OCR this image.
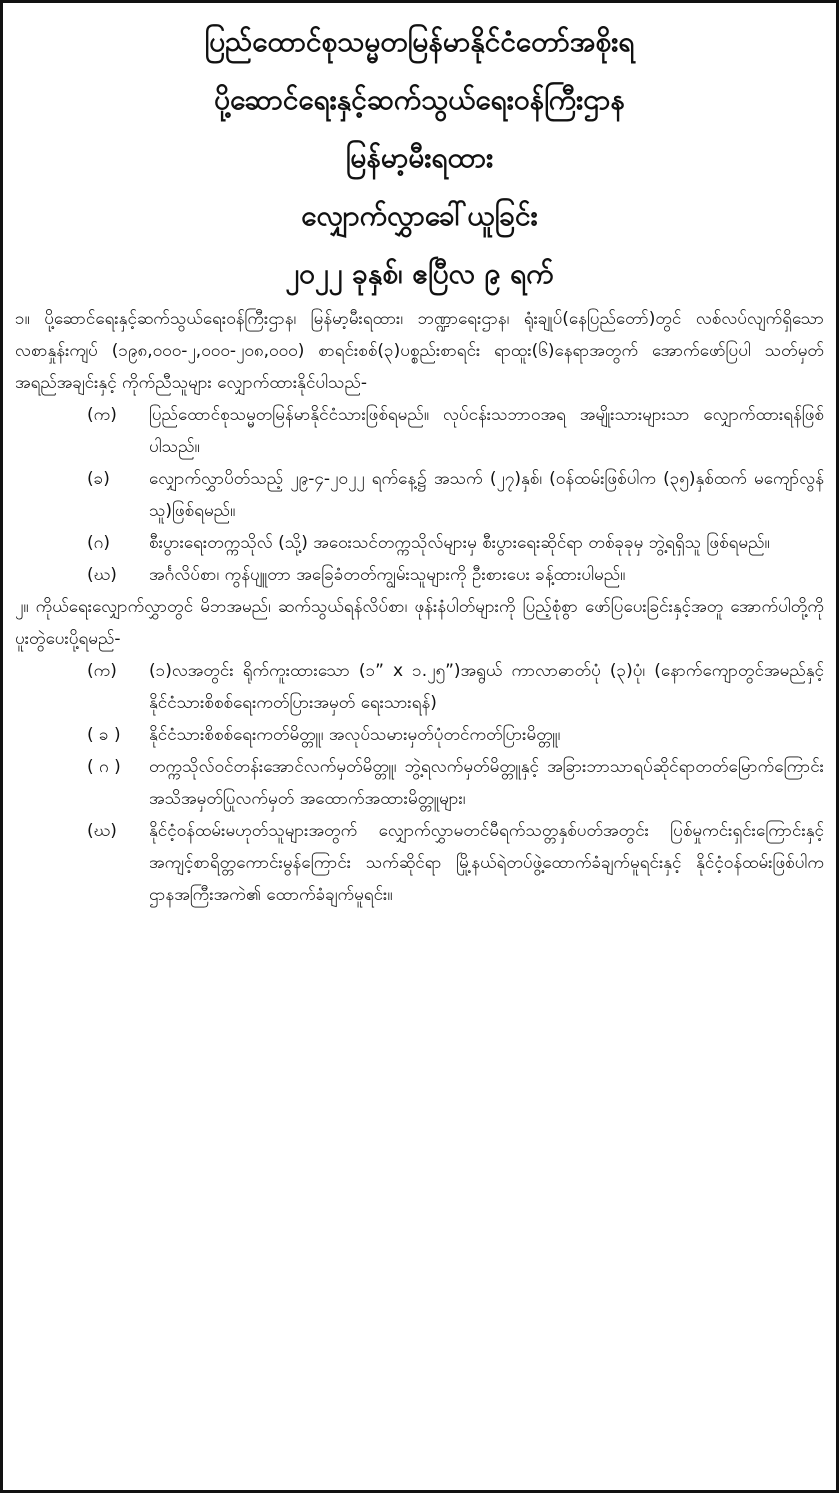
ပြည်ထောင်စုသမ္မတမြန်မာနိုင်ငံတော်အစိုးရ
ပို့ဆောင်ရေးနှင့်ဆက်သွယ်ရေးဝန်ကြီးဌာန
မြန်မာ့မီးရထား
လျှောက်လွှာခေါ်ယူခြင်း
၂၀၂၂ ခုနှစ်၊ ဧပြီလ ၉ ရက်

၁။ ပို့ဆောင်ရေးနှင့်ဆက်သွယ်ရေးဝန်ကြီးဌာန၊ မြန်မာ့မီးရထား၊ ဘဏ္ဍာရေးဌာန၊ ရုံးချုပ်(နေပြည်တော်)တွင် လစ်လပ်လျက်ရှိသော လစာနှုန်းကျပ် (၁၉၈,၀၀၀-၂,၀၀၀-၂၀၈,၀၀၀) စာရင်းစစ်(၃)ပစ္စည်းစာရင်း ရာထူး(၆)နေရာအတွက် အောက်ဖော်ပြပါ သတ်မှတ်အရည်အချင်းနှင့် ကိုက်ညီသူများ လျှောက်ထားနိုင်ပါသည်-

(က)	ပြည်ထောင်စုသမ္မတမြန်မာနိုင်ငံသားဖြစ်ရမည်။ လုပ်ငန်းသဘာဝအရ အမျိုးသားများသာ လျှောက်ထားရန်ဖြစ်ပါသည်။
(ခ)	လျှောက်လွှာပိတ်သည့် ၂၉-၄-၂၀၂၂ ရက်နေ့၌ အသက် (၂၇)နှစ်၊ (ဝန်ထမ်းဖြစ်ပါက (၃၅)နှစ်ထက် မကျော်လွန်သူ)ဖြစ်ရမည်။
(ဂ)	စီးပွားရေးတက္ကသိုလ် (သို့) အဝေးသင်တက္ကသိုလ်များမှ စီးပွားရေးဆိုင်ရာ တစ်ခုခုမှ ဘွဲ့ရရှိသူ ဖြစ်ရမည်။
(ဃ)	အင်္ဂလိပ်စာ၊ ကွန်ပျူတာ အခြေခံတတ်ကျွမ်းသူများကို ဦးစားပေး ခန့်ထားပါမည်။

၂။ ကိုယ်ရေးလျှောက်လွှာတွင် မိဘအမည်၊ ဆက်သွယ်ရန်လိပ်စာ၊ ဖုန်းနံပါတ်များကို ပြည့်စုံစွာ ဖော်ပြပေးခြင်းနှင့်အတူ အောက်ပါတို့ကို ပူးတွဲပေးပို့ရမည်-

(က)	(၁)လအတွင်း ရိုက်ကူးထားသော (၁” x ၁.၂၅”)အရွယ် ကာလာဓာတ်ပုံ (၃)ပုံ၊ (နောက်ကျောတွင်အမည်နှင့် နိုင်ငံသားစိစစ်ရေးကတ်ပြားအမှတ် ရေးသားရန်)
( ခ )	နိုင်ငံသားစိစစ်ရေးကတ်မိတ္တူ၊ အလုပ်သမားမှတ်ပုံတင်ကတ်ပြားမိတ္တူ၊
( ဂ )	တက္ကသိုလ်ဝင်တန်းအောင်လက်မှတ်မိတ္တူ၊ ဘွဲ့ရလက်မှတ်မိတ္တူနှင့် အခြားဘာသာရပ်ဆိုင်ရာတတ်မြောက်ကြောင်း အသိအမှတ်ပြုလက်မှတ် အထောက်အထားမိတ္တူများ၊
(ဃ)	နိုင်ငံ့ဝန်ထမ်းမဟုတ်သူများအတွက် လျှောက်လွှာမတင်မီရက်သတ္တနှစ်ပတ်အတွင်း ပြစ်မှုကင်းရှင်းကြောင်းနှင့် အကျင့်စာရိတ္တကောင်းမွန်ကြောင်း သက်ဆိုင်ရာ မြို့နယ်ရဲတပ်ဖွဲ့ထောက်ခံချက်မူရင်းနှင့် နိုင်ငံ့ဝန်ထမ်းဖြစ်ပါက ဌာနအကြီးအကဲ၏ ထောက်ခံချက်မူရင်း။
